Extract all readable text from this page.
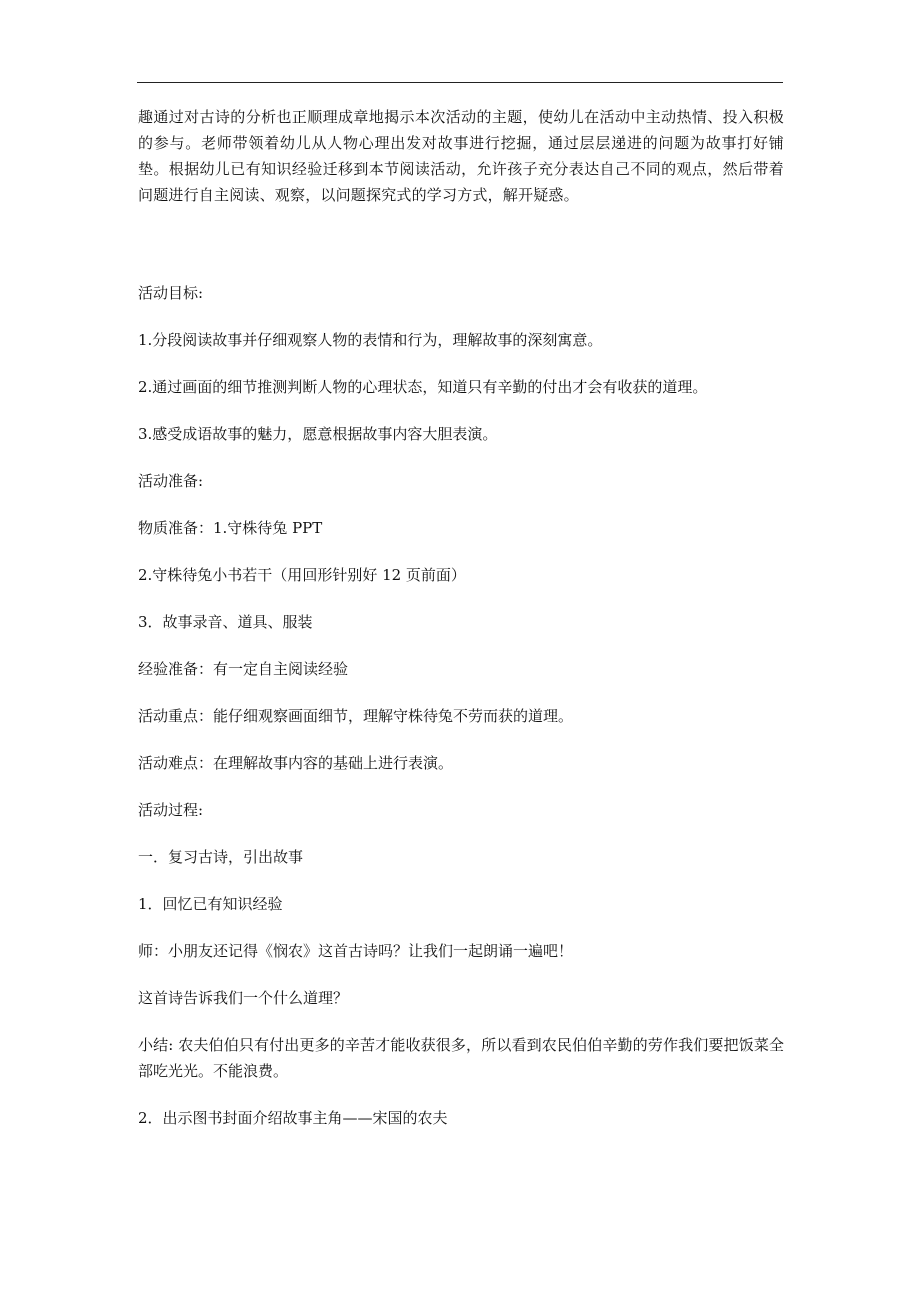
趣通过对古诗的分析也正顺理成章地揭示本次活动的主题，使幼儿在活动中主动热情、投入积极的参与。老师带领着幼儿从人物心理出发对故事进行挖掘，通过层层递进的问题为故事打好铺垫。根据幼儿已有知识经验迁移到本节阅读活动，允许孩子充分表达自己不同的观点，然后带着问题进行自主阅读、观察，以问题探究式的学习方式，解开疑惑。

活动目标:

1.分段阅读故事并仔细观察人物的表情和行为，理解故事的深刻寓意。

2.通过画面的细节推测判断人物的心理状态，知道只有辛勤的付出才会有收获的道理。

3.感受成语故事的魅力，愿意根据故事内容大胆表演。

活动准备:

物质准备：1.守株待兔 PPT

2.守株待兔小书若干（用回形针别好 12 页前面）

3．故事录音、道具、服装

经验准备：有一定自主阅读经验

活动重点：能仔细观察画面细节，理解守株待兔不劳而获的道理。

活动难点：在理解故事内容的基础上进行表演。

活动过程:

一．复习古诗，引出故事

1．回忆已有知识经验

师：小朋友还记得《悯农》这首古诗吗？让我们一起朗诵一遍吧！

这首诗告诉我们一个什么道理？

小结: 农夫伯伯只有付出更多的辛苦才能收获很多，所以看到农民伯伯辛勤的劳作我们要把饭菜全部吃光光。不能浪费。

2．出示图书封面介绍故事主角——宋国的农夫
